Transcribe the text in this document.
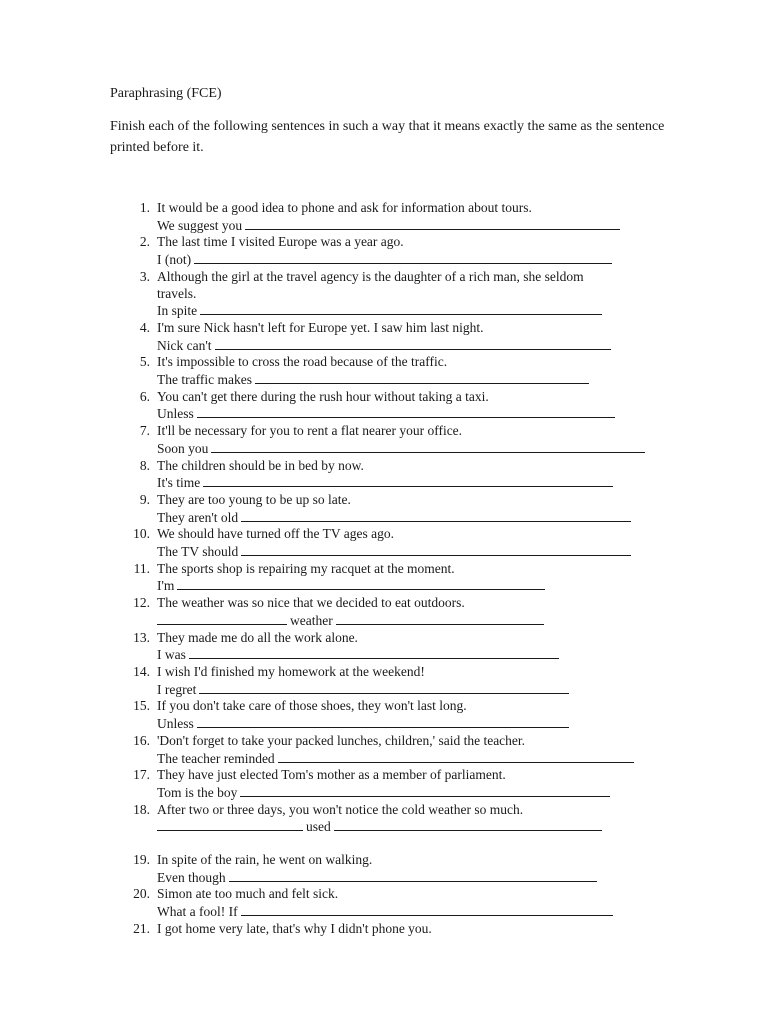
Paraphrasing (FCE)
Finish each of the following sentences in such a way that it means exactly the same as the sentence printed before it.
1. It would be a good idea to phone and ask for information about tours.
We suggest you
2. The last time I visited Europe was a year ago.
I (not)
3. Although the girl at the travel agency is the daughter of a rich man, she seldom
travels.
In spite
4. I'm sure Nick hasn't left for Europe yet. I saw him last night.
Nick can't
5. It's impossible to cross the road because of the traffic.
The traffic makes
6. You can't get there during the rush hour without taking a taxi.
Unless
7. It'll be necessary for you to rent a flat nearer your office.
Soon you
8. The children should be in bed by now.
It's time
9. They are too young to be up so late.
They aren't old
10. We should have turned off the TV ages ago.
The TV should
11. The sports shop is repairing my racquet at the moment.
I'm
12. The weather was so nice that we decided to eat outdoors.
weather
13. They made me do all the work alone.
I was
14. I wish I'd finished my homework at the weekend!
I regret
15. If you don't take care of those shoes, they won't last long.
Unless
16. 'Don't forget to take your packed lunches, children,' said the teacher.
The teacher reminded
17. They have just elected Tom's mother as a member of parliament.
Tom is the boy
18. After two or three days, you won't notice the cold weather so much.
used
19. In spite of the rain, he went on walking.
Even though
20. Simon ate too much and felt sick.
What a fool! If
21. I got home very late, that's why I didn't phone you.
